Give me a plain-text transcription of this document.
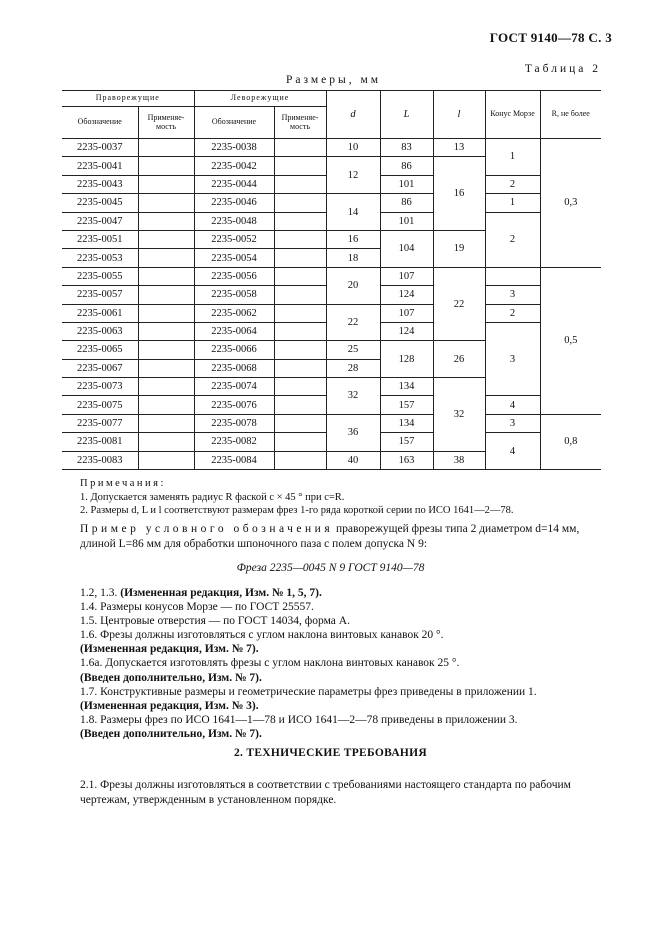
ГОСТ 9140—78 С. 3
Таблица 2
Размеры, мм
Праворежущие		Леворежущие		d	L	l	Конус Морзе	R, не более
Обозначение	Применяе-мость	Обозначение	Применяе-мость					
2235-0037		2235-0038		10	83	13	1	0,3
2235-0041		2235-0042		12	86	16		
2235-0043		2235-0044			101		2	
2235-0045		2235-0046		14	86		1	
2235-0047		2235-0048			101		2	
2235-0051		2235-0052		16	104	19		
2235-0053		2235-0054		18				
2235-0055		2235-0056		20	107	22		0,5
2235-0057		2235-0058			124		3	
2235-0061		2235-0062		22	107		2	
2235-0063		2235-0064			124		3	
2235-0065		2235-0066		25	128	26		
2235-0067		2235-0068		28				
2235-0073		2235-0074		32	134	32		
2235-0075		2235-0076			157		4	
2235-0077		2235-0078		36	134		3	0,8
2235-0081		2235-0082			157		4	
2235-0083		2235-0084		40	163	38		
Примечания:
1. Допускается заменять радиус R фаской c × 45 ° при c=R.
2. Размеры d, L и l соответствуют размерам фрез 1-го ряда короткой серии по ИСО 1641—2—78.
Пример условного обозначения праворежущей фрезы типа 2 диаметром d=14 мм, длиной L=86 мм для обработки шпоночного паза с полем допуска N 9:
Фреза 2235—0045 N 9 ГОСТ 9140—78
1.2, 1.3. (Измененная редакция, Изм. № 1, 5, 7).
1.4. Размеры конусов Морзе — по ГОСТ 25557.
1.5. Центровые отверстия — по ГОСТ 14034, форма А.
1.6. Фрезы должны изготовляться с углом наклона винтовых канавок 20 °.
(Измененная редакция, Изм. № 7).
1.6а. Допускается изготовлять фрезы с углом наклона винтовых канавок 25 °.
(Введен дополнительно, Изм. № 7).
1.7. Конструктивные размеры и геометрические параметры фрез приведены в приложении 1.
(Измененная редакция, Изм. № 3).
1.8. Размеры фрез по ИСО 1641—1—78 и ИСО 1641—2—78 приведены в приложении 3.
(Введен дополнительно, Изм. № 7).
2. ТЕХНИЧЕСКИЕ ТРЕБОВАНИЯ
2.1. Фрезы должны изготовляться в соответствии с требованиями настоящего стандарта по рабочим чертежам, утвержденным в установленном порядке.
